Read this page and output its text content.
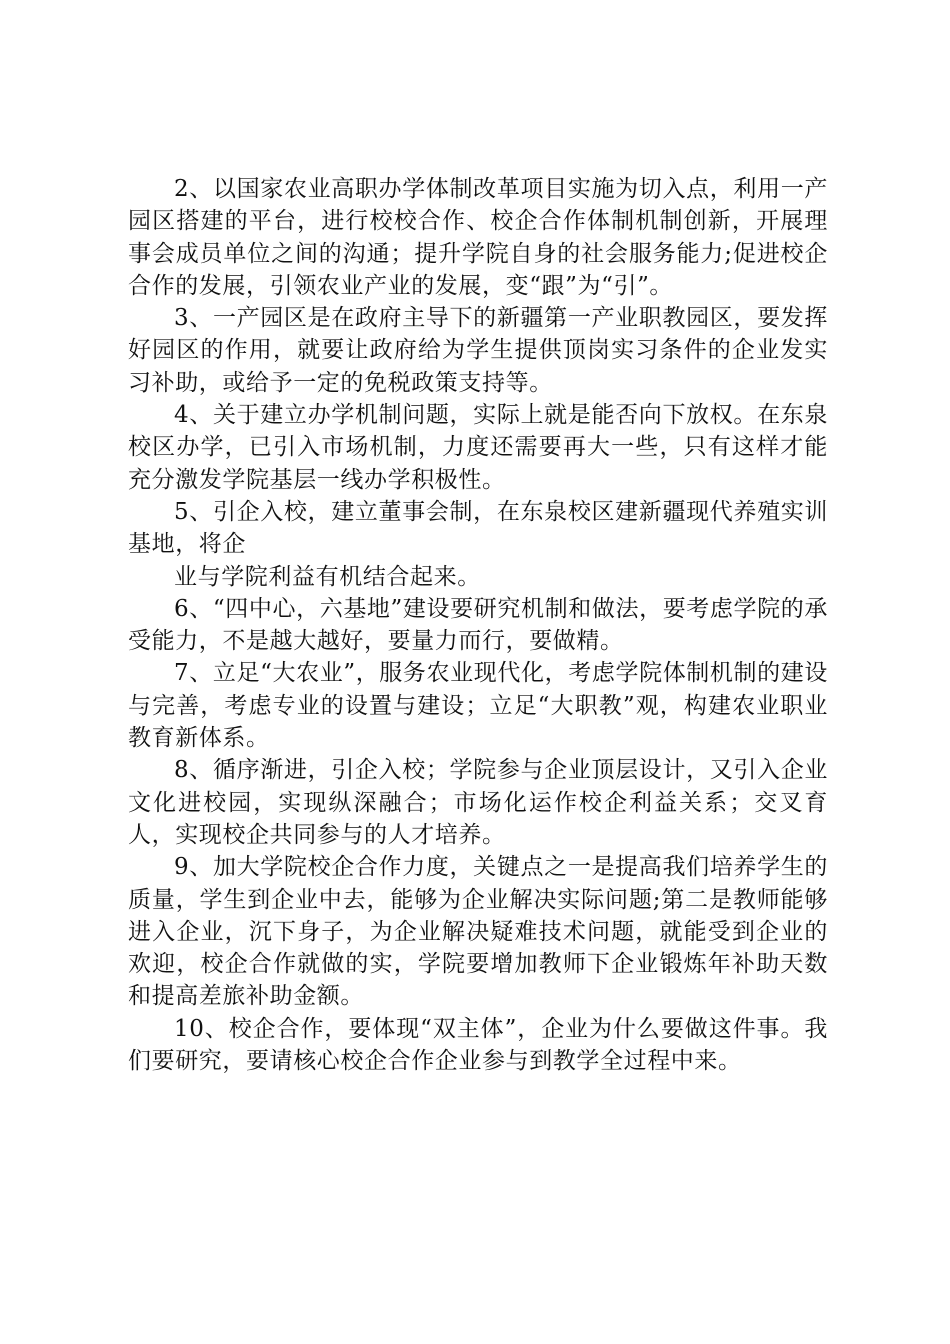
2、以国家农业高职办学体制改革项目实施为切入点，利用一产园区搭建的平台，进行校校合作、校企合作体制机制创新，开展理事会成员单位之间的沟通；提升学院自身的社会服务能力;促进校企合作的发展，引领农业产业的发展，变“跟”为“引”。

3、一产园区是在政府主导下的新疆第一产业职教园区，要发挥好园区的作用，就要让政府给为学生提供顶岗实习条件的企业发实习补助，或给予一定的免税政策支持等。

4、关于建立办学机制问题，实际上就是能否向下放权。在东泉校区办学，已引入市场机制，力度还需要再大一些，只有这样才能充分激发学院基层一线办学积极性。

5、引企入校，建立董事会制，在东泉校区建新疆现代养殖实训基地，将企

业与学院利益有机结合起来。

6、“四中心，六基地”建设要研究机制和做法，要考虑学院的承受能力，不是越大越好，要量力而行，要做精。

7、立足“大农业”，服务农业现代化，考虑学院体制机制的建设与完善，考虑专业的设置与建设；立足“大职教”观，构建农业职业教育新体系。

8、循序渐进，引企入校；学院参与企业顶层设计，又引入企业文化进校园，实现纵深融合；市场化运作校企利益关系；交叉育人，实现校企共同参与的人才培养。

9、加大学院校企合作力度，关键点之一是提高我们培养学生的质量，学生到企业中去，能够为企业解决实际问题;第二是教师能够进入企业，沉下身子，为企业解决疑难技术问题，就能受到企业的欢迎，校企合作就做的实，学院要增加教师下企业锻炼年补助天数和提高差旅补助金额。

10、校企合作，要体现“双主体”，企业为什么要做这件事。我们要研究，要请核心校企合作企业参与到教学全过程中来。
